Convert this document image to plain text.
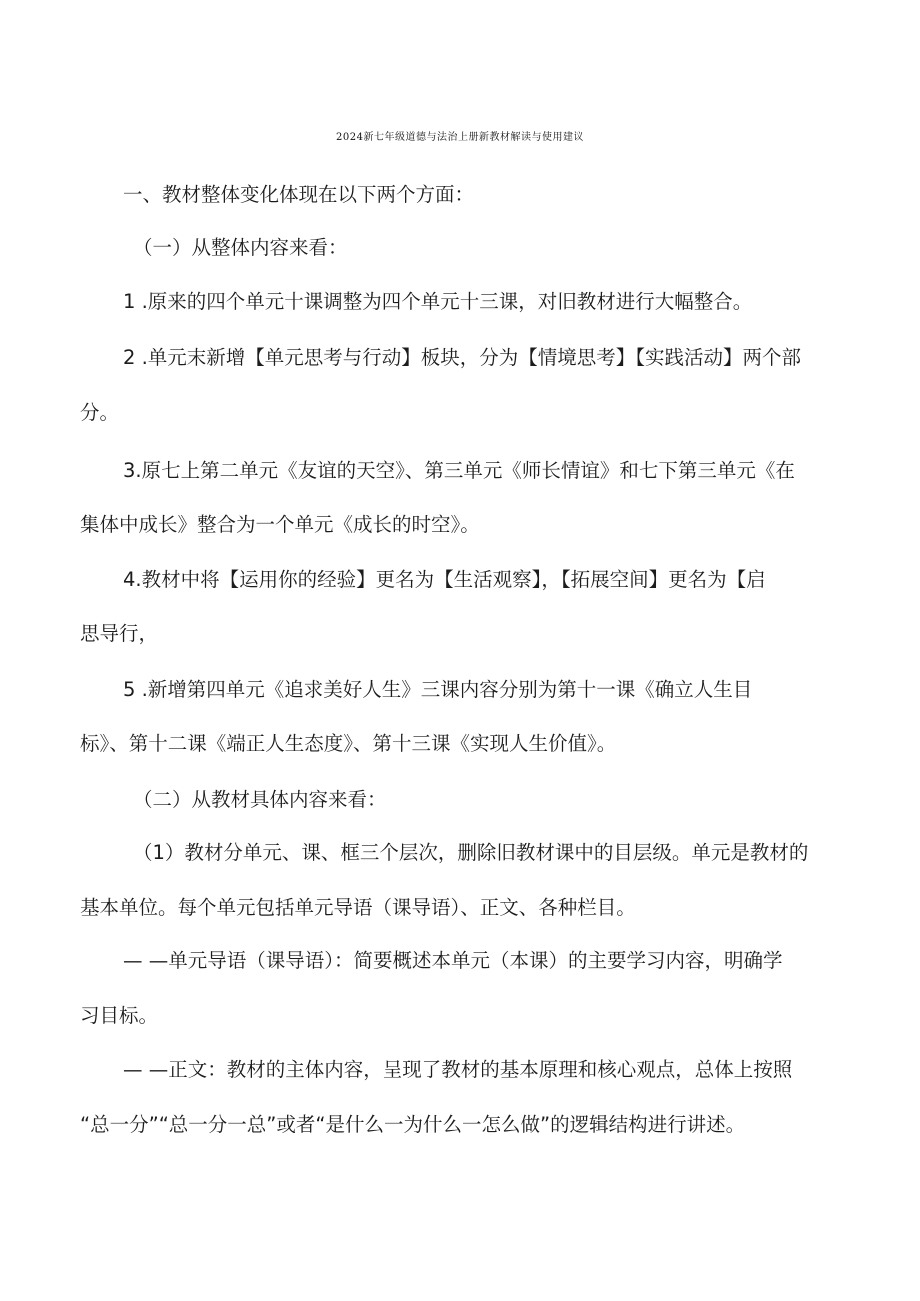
2024新七年级道德与法治上册新教材解读与使用建议
一、教材整体变化体现在以下两个方面：
（一）从整体内容来看：
1 .原来的四个单元十课调整为四个单元十三课，对旧教材进行大幅整合。
2 .单元末新增【单元思考与行动】板块，分为【情境思考】【实践活动】两个部
分。
3.原七上第二单元《友谊的天空》、第三单元《师长情谊》和七下第三单元《在
集体中成长》整合为一个单元《成长的时空》。
4.教材中将【运用你的经验】更名为【生活观察】，【拓展空间】更名为【启
思导行，
5 .新增第四单元《追求美好人生》三课内容分别为第十一课《确立人生目
标》、第十二课《端正人生态度》、第十三课《实现人生价值》。
（二）从教材具体内容来看：
（1）教材分单元、课、框三个层次，删除旧教材课中的目层级。单元是教材的
基本单位。每个单元包括单元导语（课导语）、正文、各种栏目。
— —单元导语（课导语）：简要概述本单元（本课）的主要学习内容，明确学
习目标。
— —正文：教材的主体内容，呈现了教材的基本原理和核心观点，总体上按照
“总一分”“总一分一总”或者“是什么一为什么一怎么做”的逻辑结构进行讲述。
